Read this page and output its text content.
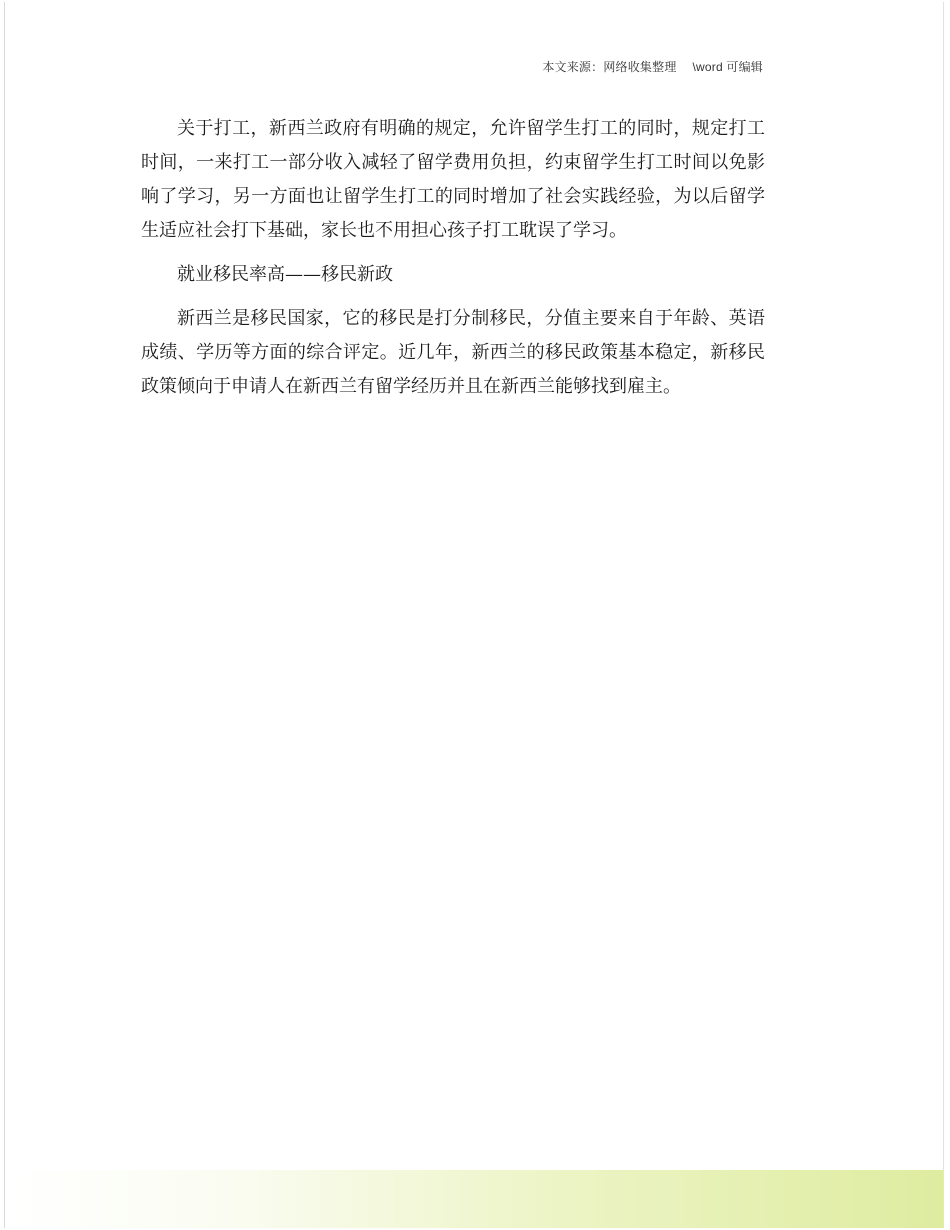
本文来源：网络收集整理 \word 可编辑

关于打工，新西兰政府有明确的规定，允许留学生打工的同时，规定打工时间，一来打工一部分收入减轻了留学费用负担，约束留学生打工时间以免影响了学习，另一方面也让留学生打工的同时增加了社会实践经验，为以后留学生适应社会打下基础，家长也不用担心孩子打工耽误了学习。

就业移民率高——移民新政

新西兰是移民国家，它的移民是打分制移民，分值主要来自于年龄、英语成绩、学历等方面的综合评定。近几年，新西兰的移民政策基本稳定，新移民政策倾向于申请人在新西兰有留学经历并且在新西兰能够找到雇主。
